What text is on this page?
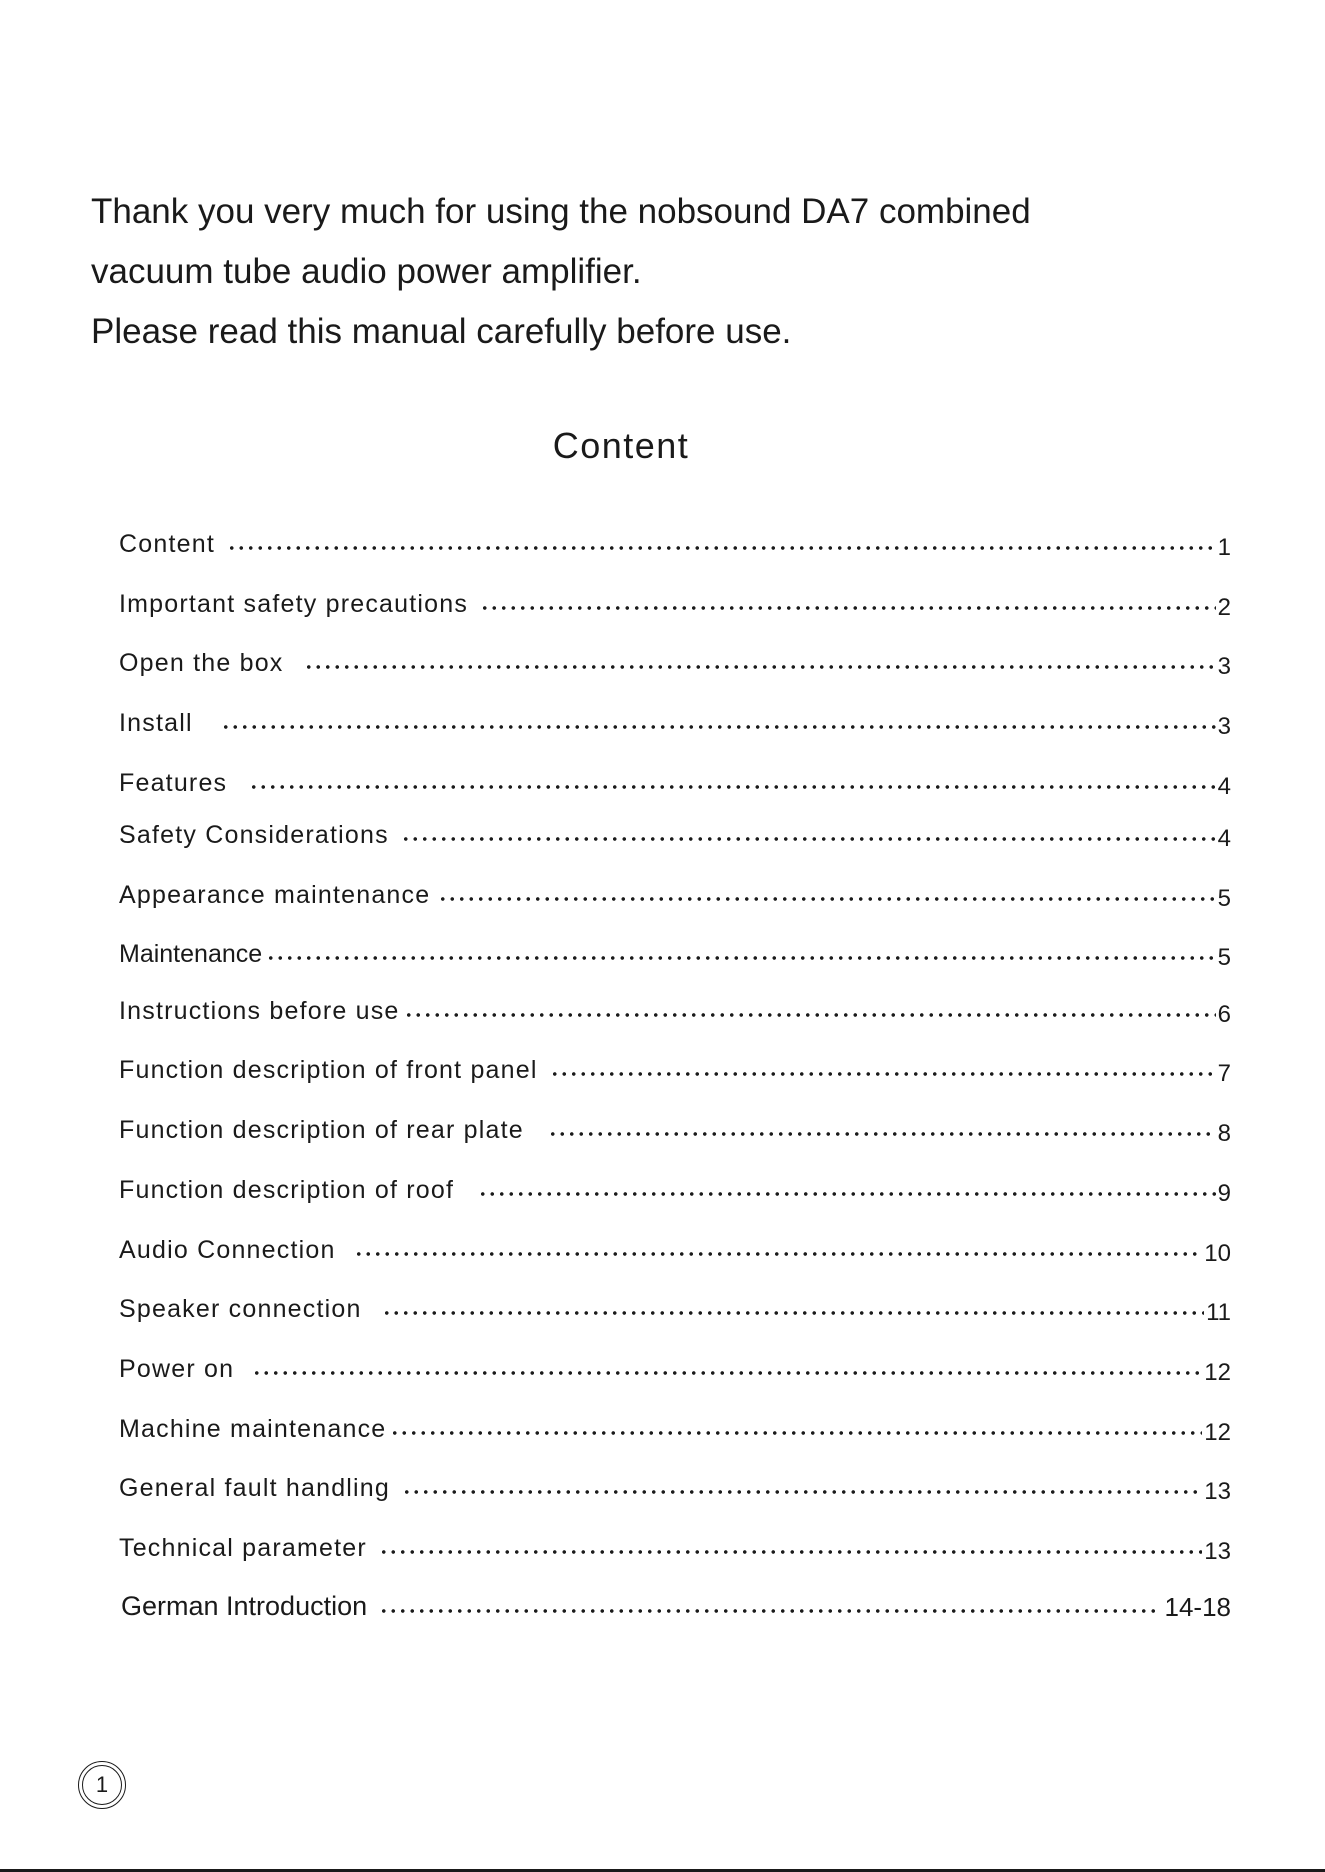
Thank you very much for using the nobsound DA7 combined

vacuum tube audio power amplifier.

Please read this manual carefully before use.

Content
Content	1
Important safety precautions	2
Open the box	3
Install	3
Features	4
Safety Considerations	4
Appearance maintenance	5
Maintenance	5
Instructions before use	6
Function description of front panel	7
Function description of rear plate	8
Function description of roof	9
Audio Connection	10
Speaker connection	11
Power on	12
Machine maintenance	12
General fault handling	13
Technical parameter	13
German Introduction	14-18
1
